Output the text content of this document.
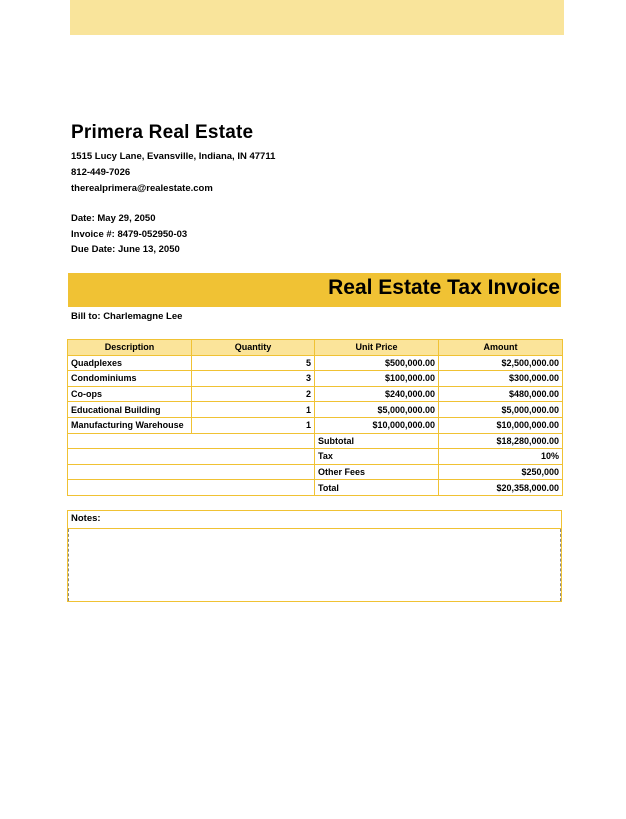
Primera Real Estate
1515 Lucy Lane, Evansville, Indiana, IN 47711
812-449-7026
therealprimera@realestate.com
Date: May 29, 2050
Invoice #: 8479-052950-03
Due Date: June 13, 2050
Real Estate Tax Invoice
Bill to: Charlemagne Lee
Description	Quantity	Unit Price	Amount
Quadplexes	5	$500,000.00	$2,500,000.00
Condominiums	3	$100,000.00	$300,000.00
Co-ops	2	$240,000.00	$480,000.00
Educational Building	1	$5,000,000.00	$5,000,000.00
Manufacturing Warehouse	1	$10,000,000.00	$10,000,000.00
		Subtotal	$18,280,000.00
		Tax	10%
		Other Fees	$250,000
		Total	$20,358,000.00
Notes:
